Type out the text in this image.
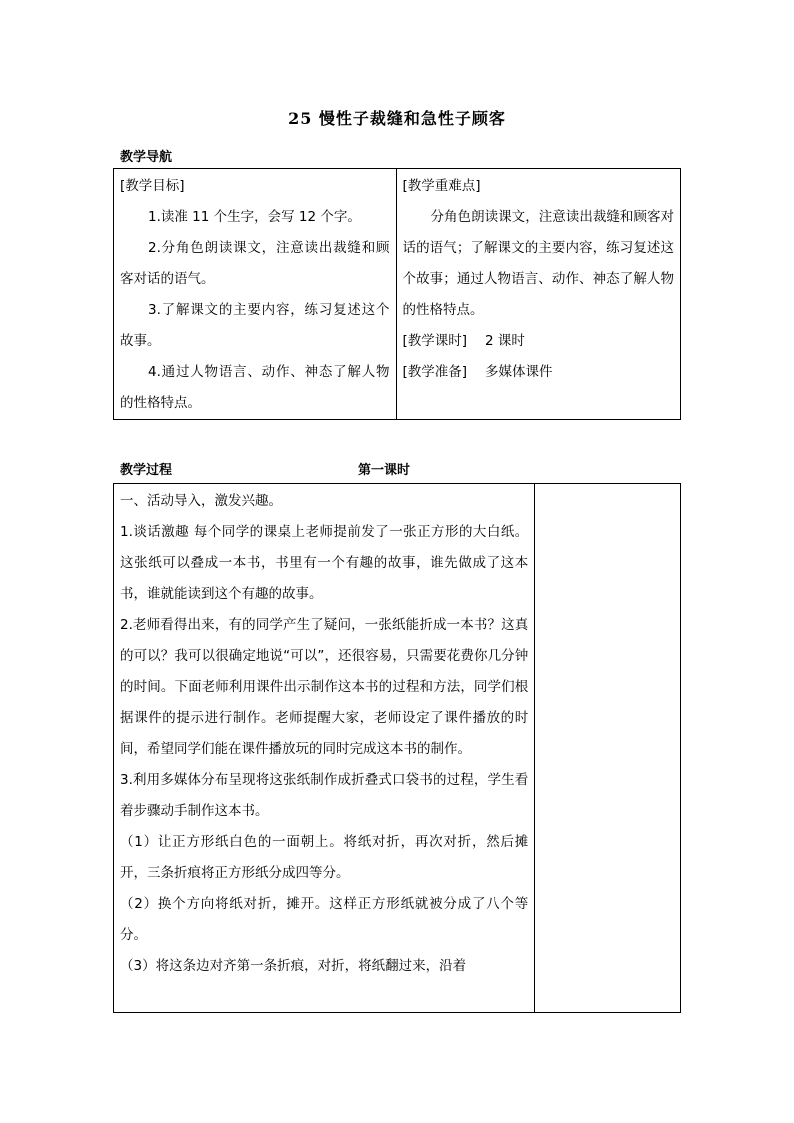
25 慢性子裁缝和急性子顾客
教学导航

[教学目标]

1.读准 11 个生字，会写 12 个字。

2.分角色朗读课文，注意读出裁缝和顾客对话的语气。

3.了解课文的主要内容，练习复述这个故事。

4.通过人物语言、动作、神态了解人物的性格特点。

[教学重难点]

分角色朗读课文，注意读出裁缝和顾客对话的语气；了解课文的主要内容，练习复述这个故事；通过人物语言、动作、神态了解人物的性格特点。

[教学课时] 2 课时

[教学准备] 多媒体课件

教学过程	第一课时

一、活动导入，激发兴趣。

1.谈话激趣 每个同学的课桌上老师提前发了一张正方形的大白纸。这张纸可以叠成一本书，书里有一个有趣的故事，谁先做成了这本书，谁就能读到这个有趣的故事。

2.老师看得出来，有的同学产生了疑问，一张纸能折成一本书？这真的可以？我可以很确定地说“可以”，还很容易，只需要花费你几分钟的时间。下面老师利用课件出示制作这本书的过程和方法，同学们根据课件的提示进行制作。老师提醒大家，老师设定了课件播放的时间，希望同学们能在课件播放玩的同时完成这本书的制作。

3.利用多媒体分布呈现将这张纸制作成折叠式口袋书的过程，学生看着步骤动手制作这本书。

（1）让正方形纸白色的一面朝上。将纸对折，再次对折，然后摊开，三条折痕将正方形纸分成四等分。

（2）换个方向将纸对折，摊开。这样正方形纸就被分成了八个等分。

（3）将这条边对齐第一条折痕，对折，将纸翻过来，沿着
